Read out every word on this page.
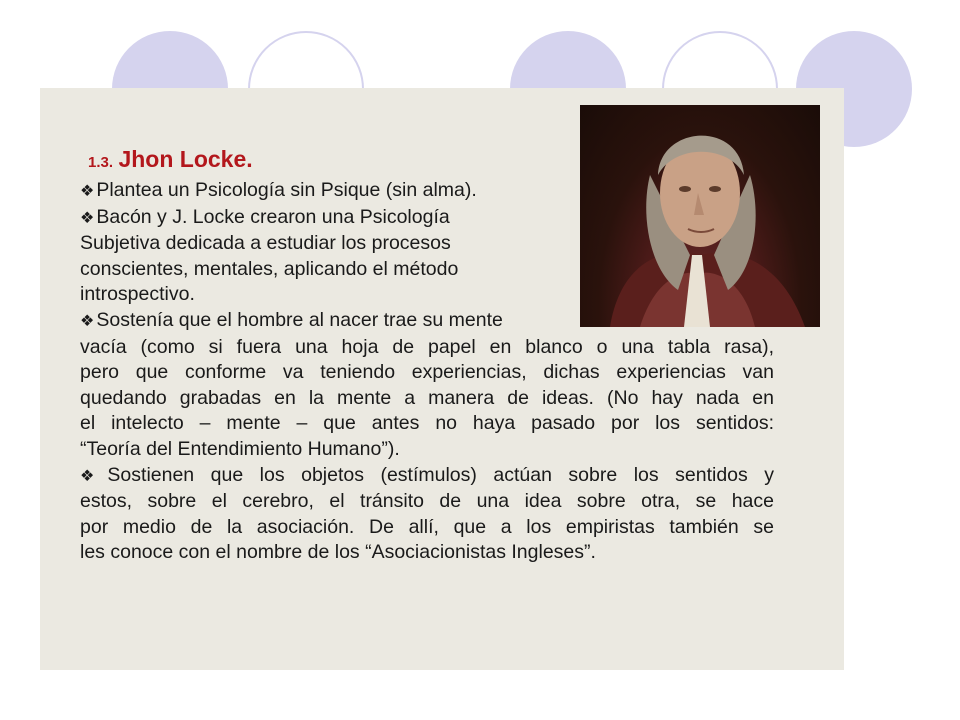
1.3. Jhon Locke.

❖ Plantea un Psicología sin Psique (sin alma).

❖ Bacón y J. Locke crearon una Psicología

Subjetiva dedicada a estudiar los procesos

conscientes, mentales, aplicando el método

introspectivo.

❖ Sostenía que el hombre al nacer trae su mente

vacía (como si fuera una hoja de papel en blanco o una tabla rasa),

pero que conforme va teniendo experiencias, dichas experiencias van

quedando grabadas en la mente a manera de ideas. (No hay nada en

el intelecto – mente – que antes no haya pasado por los sentidos:

“Teoría del Entendimiento Humano”).

❖ Sostienen que los objetos (estímulos) actúan sobre los sentidos y

estos, sobre el cerebro, el tránsito de una idea sobre otra, se hace

por medio de la asociación. De allí, que a los empiristas también se

les conoce con el nombre de los “Asociacionistas Ingleses”.
